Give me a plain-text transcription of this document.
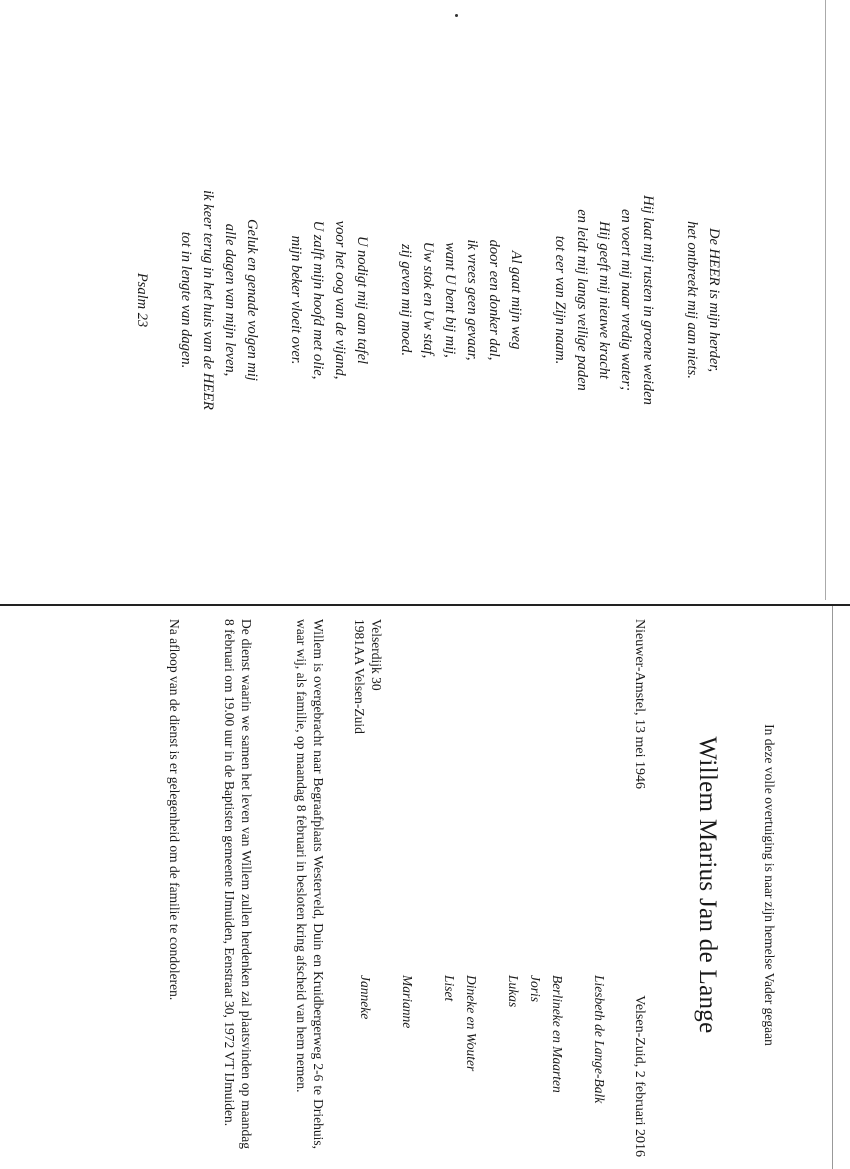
De HEER is mijn herder,
het ontbreekt mij aan niets.
Hij laat mij rusten in groene weiden
en voert mij naar vredig water;
Hij geeft mij nieuwe kracht
en leidt mij langs veilige paden
tot eer van Zijn naam.
Al gaat mijn weg
door een donker dal,
ik vrees geen gevaar,
want U bent bij mij,
Uw stok en Uw staf,
zij geven mij moed.
U nodigt mij aan tafel
voor het oog van de vijand,
U zalft mijn hoofd met olie,
mijn beker vloeit over.
Geluk en genade volgen mij
alle dagen van mijn leven,
ik keer terug in het huis van de HEER
tot in lengte van dagen.
Psalm 23
In deze volle overtuiging is naar zijn hemelse Vader gegaan
Willem Marius Jan de Lange
Nieuwer-Amstel, 13 mei 1946
Velsen-Zuid, 2 februari 2016
Liesbeth de Lange-Balk
Berlineke en Maarten
Joris
Lukas
Dineke en Wouter
Liset
Marianne
Janneke
Velserdijk 30
1981AA Velsen-Zuid
Willem is overgebracht naar Begraafplaats Westerveld, Duin en Kruidbergerweg 2-6 te Driehuis, waar wij, als familie, op maandag 8 februari in besloten kring afscheid van hem nemen.
De dienst waarin we samen het leven van Willem zullen herdenken zal plaatsvinden op maandag 8 februari om 19.00 uur in de Baptisten gemeente IJmuiden, Eenstraat 30, 1972 VT IJmuiden.
Na afloop van de dienst is er gelegenheid om de familie te condoleren.
